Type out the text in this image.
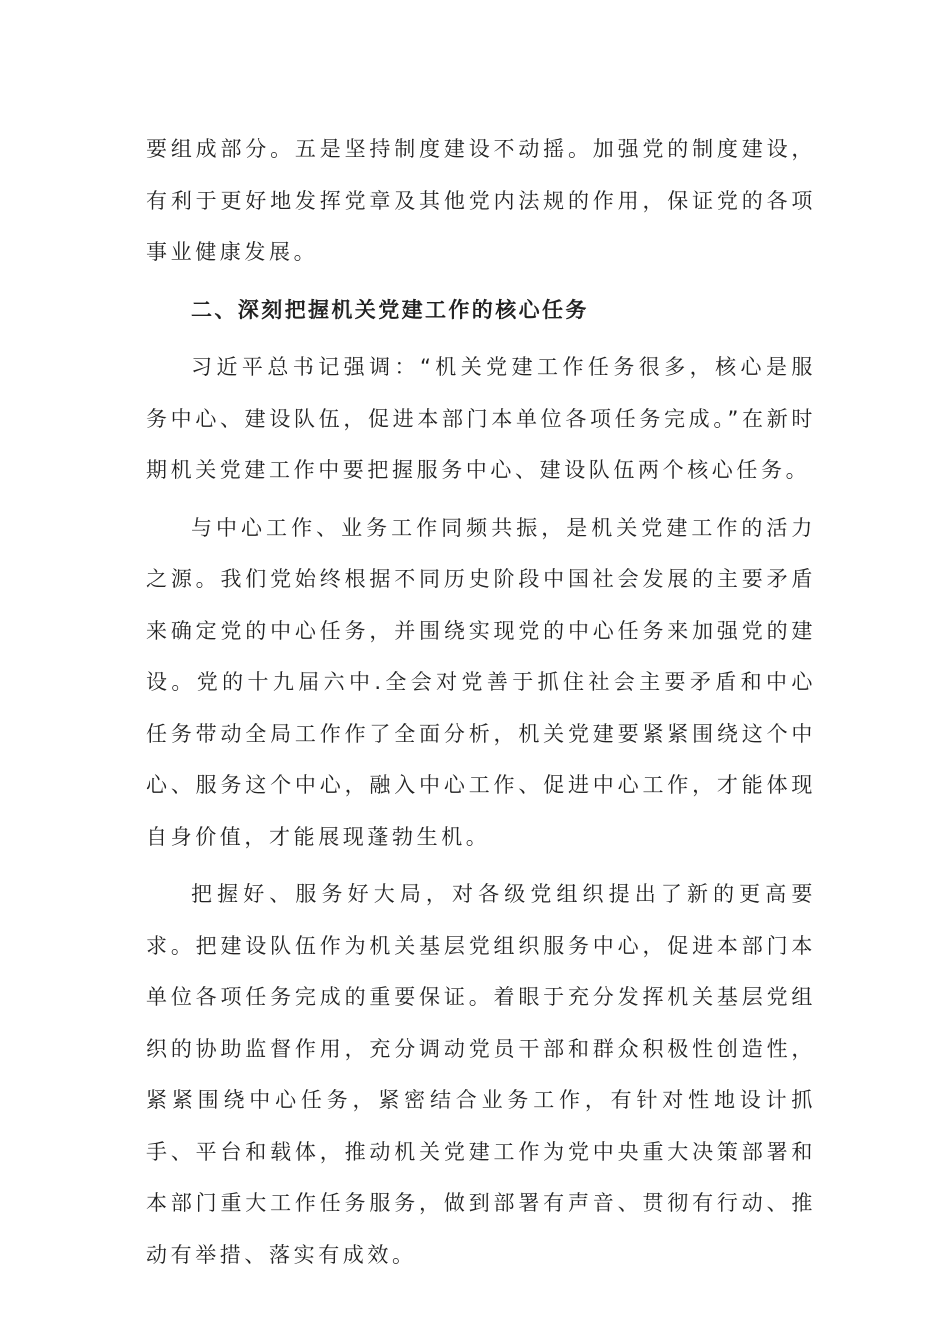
要组成部分。五是坚持制度建设不动摇。加强党的制度建设，有利于更好地发挥党章及其他党内法规的作用，保证党的各项事业健康发展。

二、深刻把握机关党建工作的核心任务

习近平总书记强调：“机关党建工作任务很多，核心是服务中心、建设队伍，促进本部门本单位各项任务完成。”在新时期机关党建工作中要把握服务中心、建设队伍两个核心任务。

与中心工作、业务工作同频共振，是机关党建工作的活力之源。我们党始终根据不同历史阶段中国社会发展的主要矛盾来确定党的中心任务，并围绕实现党的中心任务来加强党的建设。党的十九届六中.全会对党善于抓住社会主要矛盾和中心任务带动全局工作作了全面分析，机关党建要紧紧围绕这个中心、服务这个中心，融入中心工作、促进中心工作，才能体现自身价值，才能展现蓬勃生机。

把握好、服务好大局，对各级党组织提出了新的更高要求。把建设队伍作为机关基层党组织服务中心，促进本部门本单位各项任务完成的重要保证。着眼于充分发挥机关基层党组织的协助监督作用，充分调动党员干部和群众积极性创造性，紧紧围绕中心任务，紧密结合业务工作，有针对性地设计抓手、平台和载体，推动机关党建工作为党中央重大决策部署和本部门重大工作任务服务，做到部署有声音、贯彻有行动、推动有举措、落实有成效。
